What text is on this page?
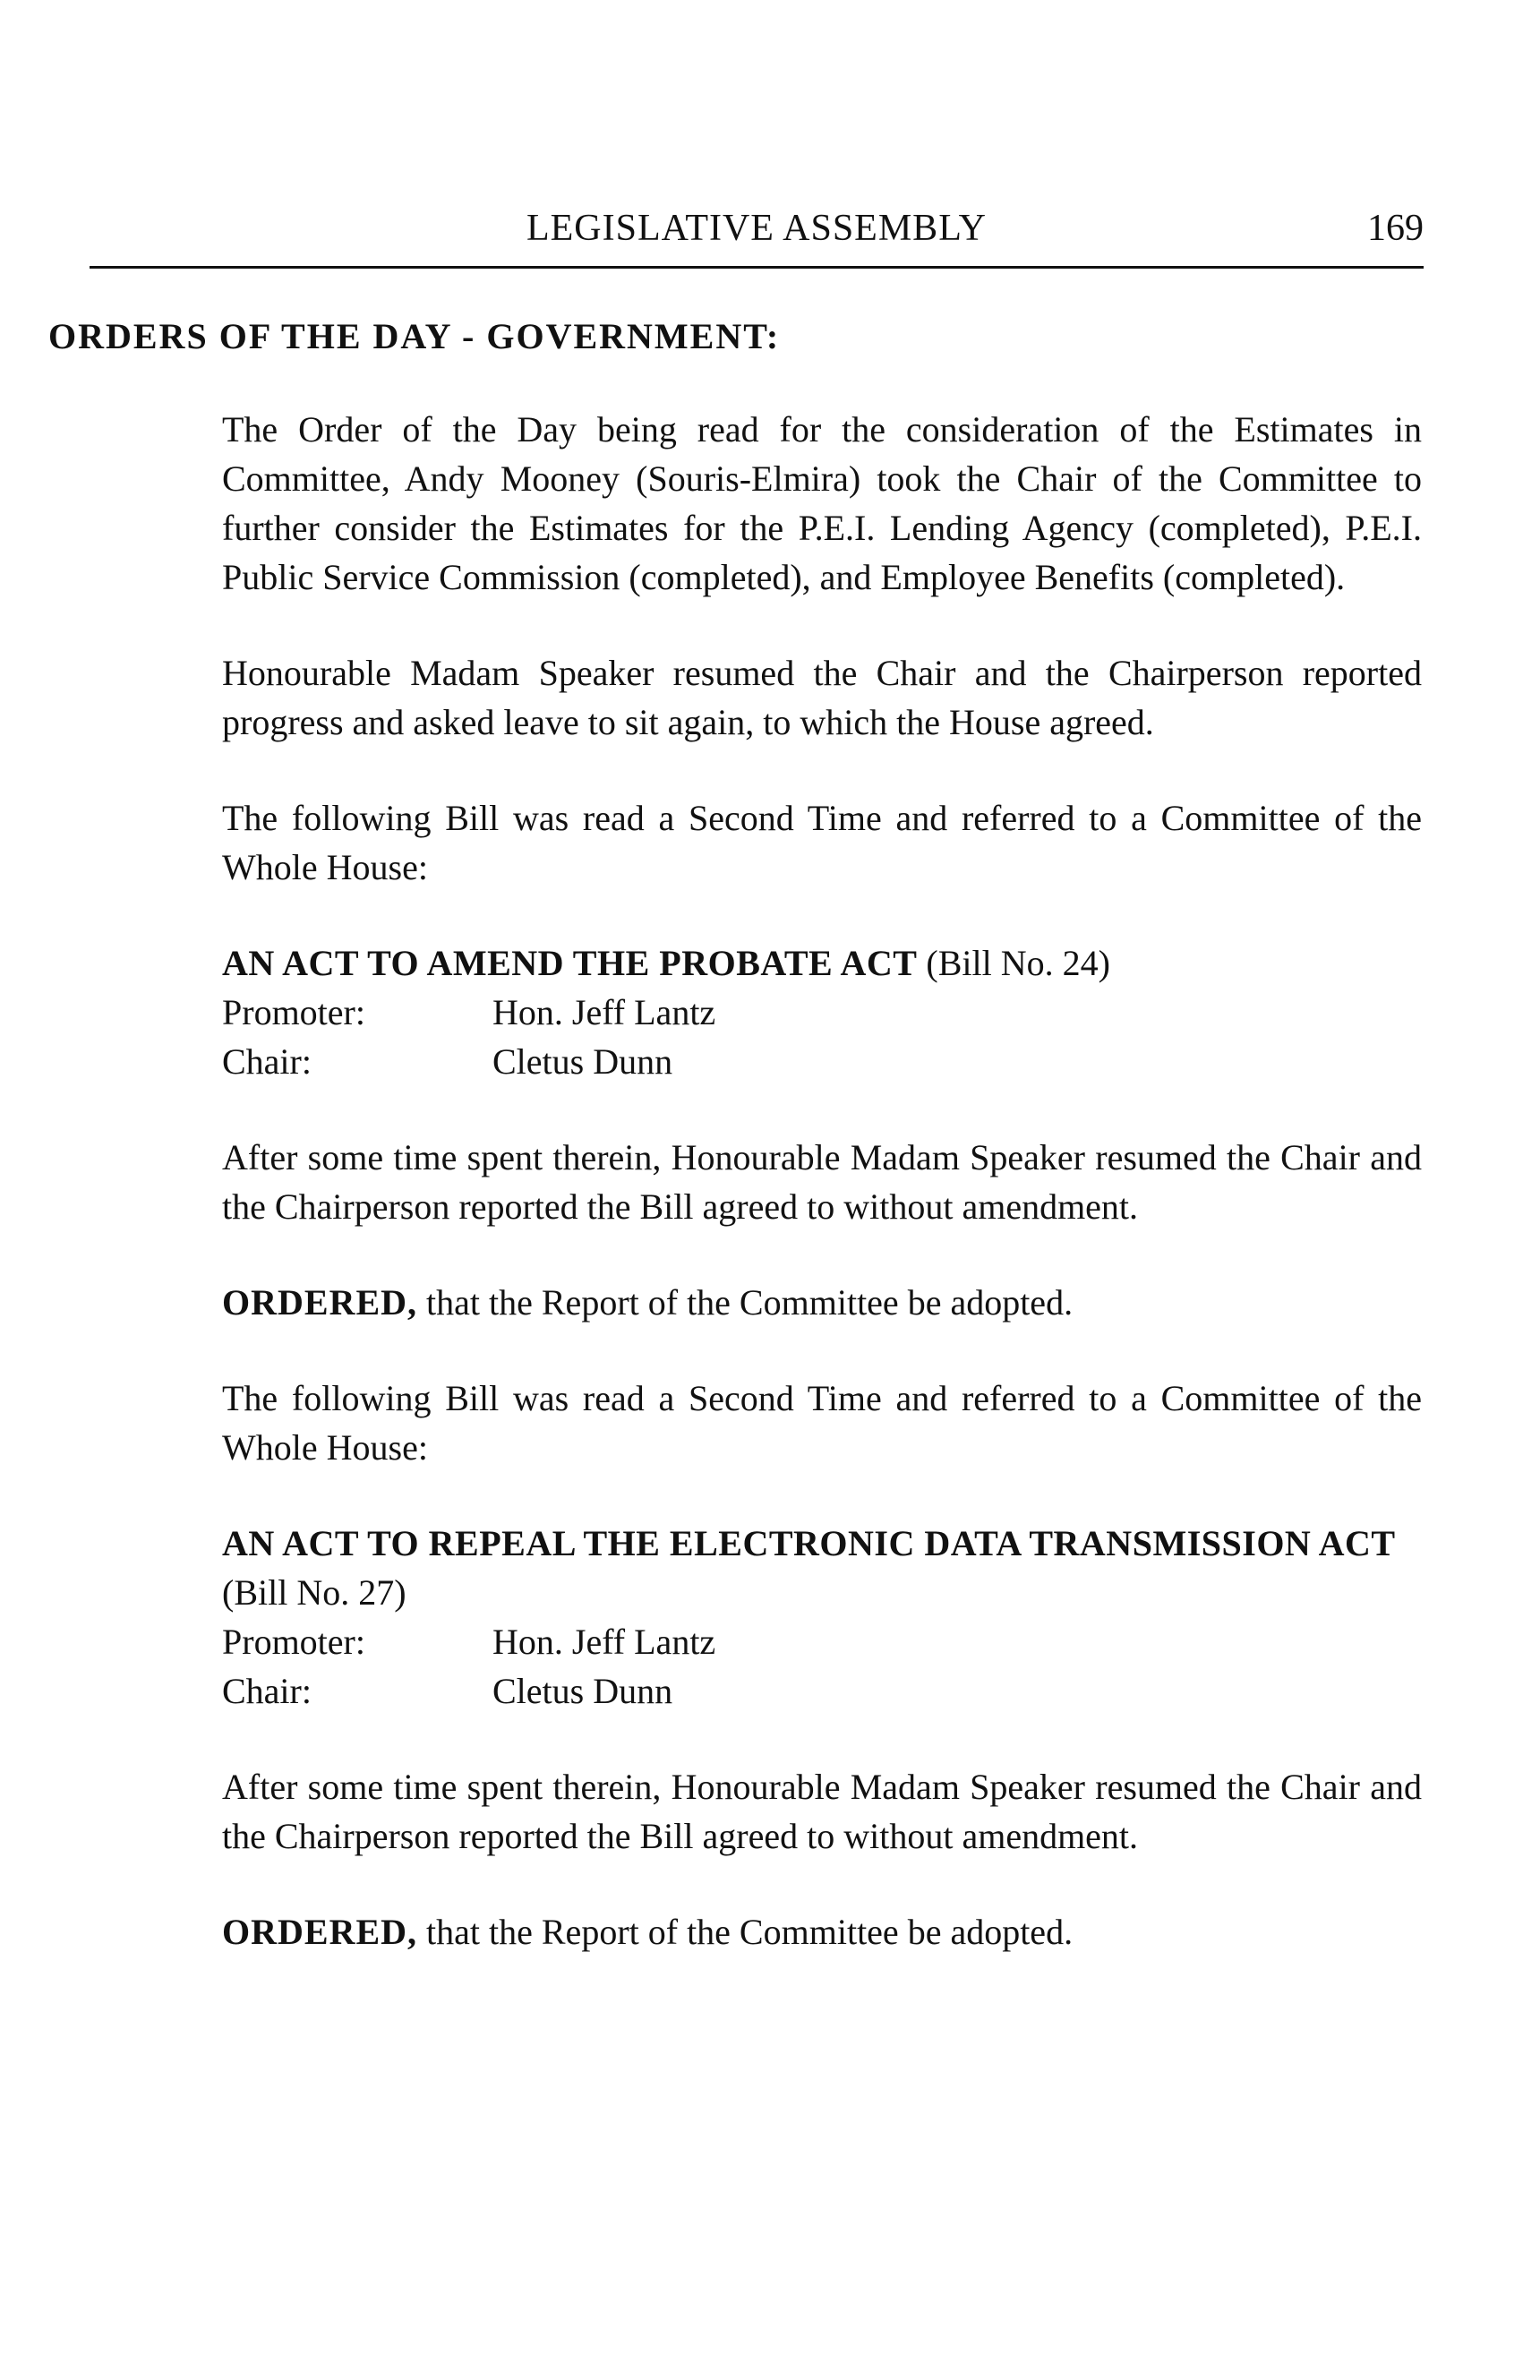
LEGISLATIVE ASSEMBLY	169
ORDERS OF THE DAY - GOVERNMENT:

The Order of the Day being read for the consideration of the Estimates in Committee, Andy Mooney (Souris-Elmira) took the Chair of the Committee to further consider the Estimates for the P.E.I. Lending Agency (completed), P.E.I. Public Service Commission (completed), and Employee Benefits (completed).

Honourable Madam Speaker resumed the Chair and the Chairperson reported progress and asked leave to sit again, to which the House agreed.

The following Bill was read a Second Time and referred to a Committee of the Whole House:

AN ACT TO AMEND THE PROBATE ACT (Bill No. 24)

Promoter:	Hon. Jeff Lantz
Chair:	Cletus Dunn

After some time spent therein, Honourable Madam Speaker resumed the Chair and the Chairperson reported the Bill agreed to without amendment.

ORDERED, that the Report of the Committee be adopted.

The following Bill was read a Second Time and referred to a Committee of the Whole House:

AN ACT TO REPEAL THE ELECTRONIC DATA TRANSMISSION ACT (Bill No. 27)

Promoter:	Hon. Jeff Lantz
Chair:	Cletus Dunn

After some time spent therein, Honourable Madam Speaker resumed the Chair and the Chairperson reported the Bill agreed to without amendment.

ORDERED, that the Report of the Committee be adopted.
